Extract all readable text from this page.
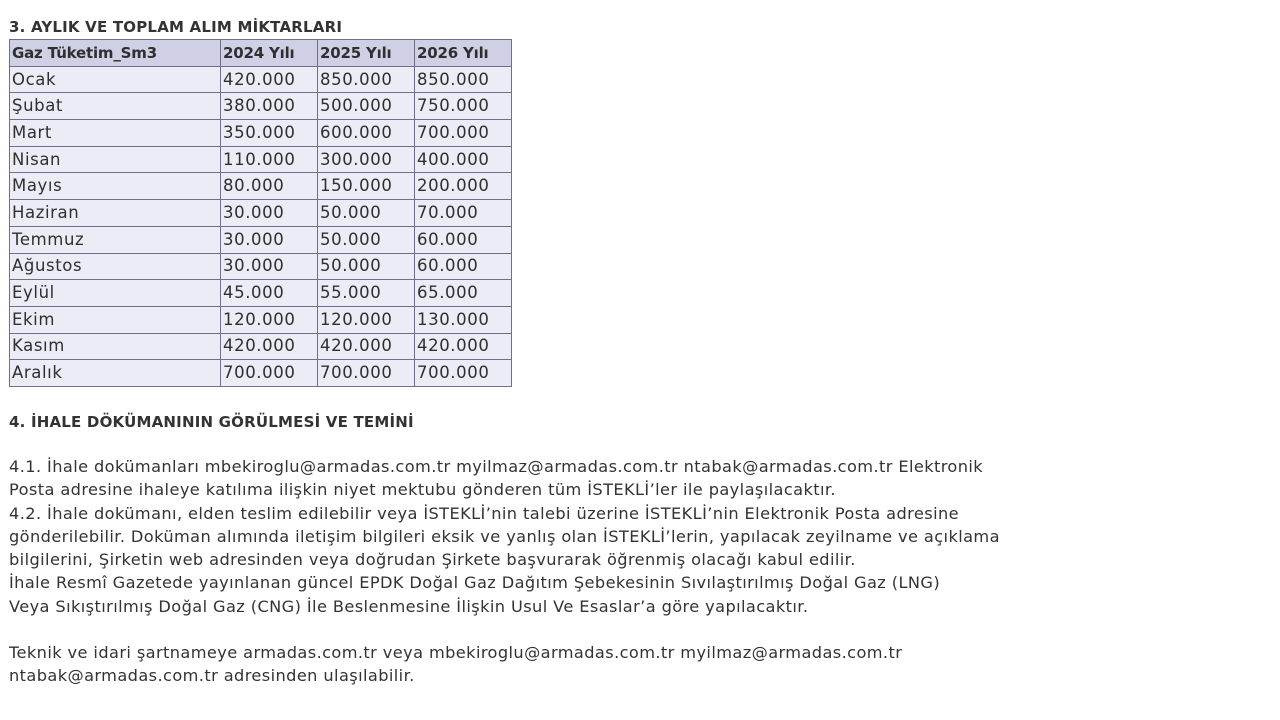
3. AYLIK VE TOPLAM ALIM MİKTARLARI
Gaz Tüketim_Sm3	2024 Yılı	2025 Yılı	2026 Yılı
Ocak	420.000	850.000	850.000
Şubat	380.000	500.000	750.000
Mart	350.000	600.000	700.000
Nisan	110.000	300.000	400.000
Mayıs	80.000	150.000	200.000
Haziran	30.000	50.000	70.000
Temmuz	30.000	50.000	60.000
Ağustos	30.000	50.000	60.000
Eylül	45.000	55.000	65.000
Ekim	120.000	120.000	130.000
Kasım	420.000	420.000	420.000
Aralık	700.000	700.000	700.000
4. İHALE DÖKÜMANININ GÖRÜLMESİ VE TEMİNİ

4.1. İhale dokümanları mbekiroglu@armadas.com.tr myilmaz@armadas.com.tr ntabak@armadas.com.tr Elektronik

Posta adresine ihaleye katılıma ilişkin niyet mektubu gönderen tüm İSTEKLİ’ler ile paylaşılacaktır.

4.2. İhale dokümanı, elden teslim edilebilir veya İSTEKLİ’nin talebi üzerine İSTEKLİ’nin Elektronik Posta adresine

gönderilebilir. Doküman alımında iletişim bilgileri eksik ve yanlış olan İSTEKLİ’lerin, yapılacak zeyilname ve açıklama

bilgilerini, Şirketin web adresinden veya doğrudan Şirkete başvurarak öğrenmiş olacağı kabul edilir.

İhale Resmî Gazetede yayınlanan güncel EPDK Doğal Gaz Dağıtım Şebekesinin Sıvılaştırılmış Doğal Gaz (LNG)

Veya Sıkıştırılmış Doğal Gaz (CNG) İle Beslenmesine İlişkin Usul Ve Esaslar’a göre yapılacaktır.

Teknik ve idari şartnameye armadas.com.tr veya mbekiroglu@armadas.com.tr myilmaz@armadas.com.tr

ntabak@armadas.com.tr adresinden ulaşılabilir.
